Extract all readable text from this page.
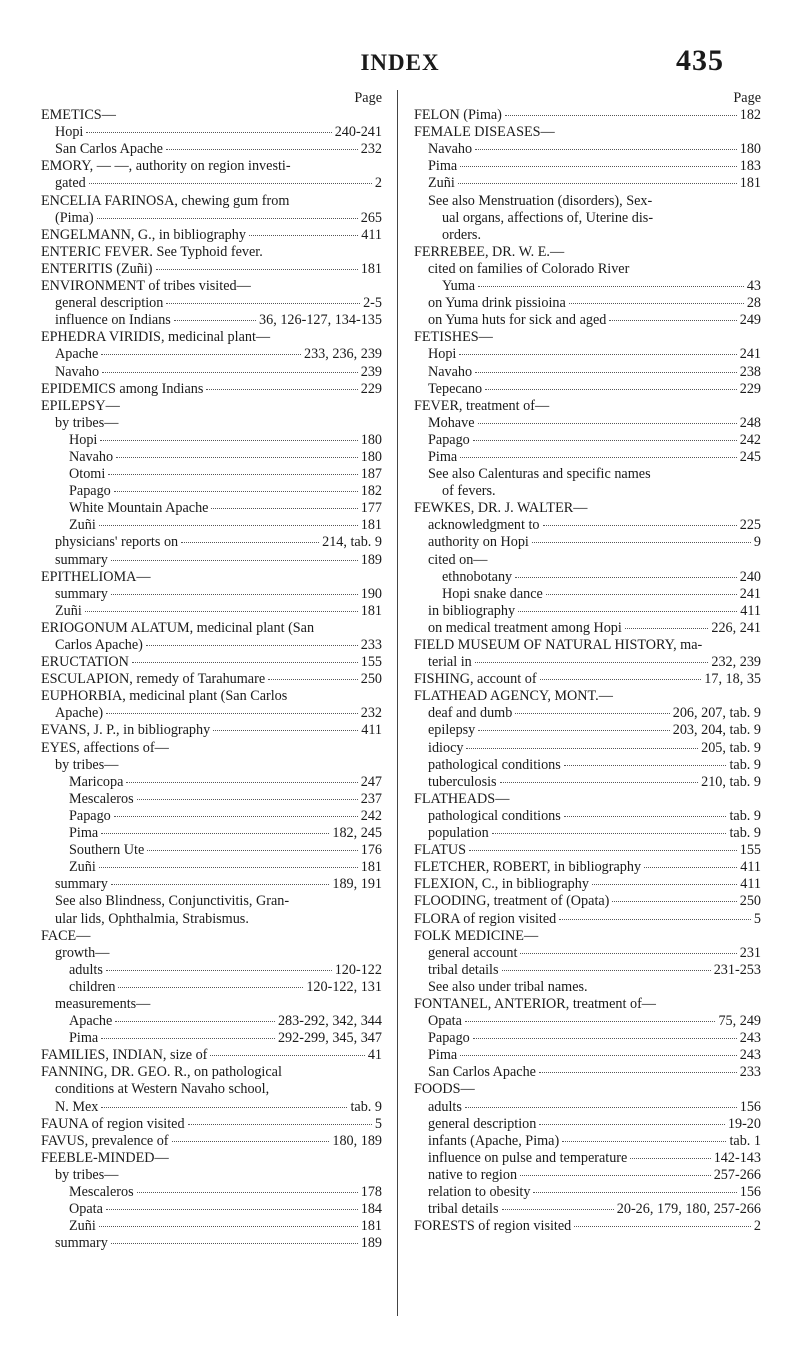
INDEX	435
Page
EMETICS—
Hopi	240-241
San Carlos Apache	232
EMORY, — —, authority on region investi-
gated	2
ENCELIA FARINOSA, chewing gum from
(Pima)	265
ENGELMANN, G., in bibliography	411
ENTERIC FEVER. See Typhoid fever.
ENTERITIS (Zuñi)	181
ENVIRONMENT of tribes visited—
general description	2-5
influence on Indians	36, 126-127, 134-135
EPHEDRA VIRIDIS, medicinal plant—
Apache	233, 236, 239
Navaho	239
EPIDEMICS among Indians	229
EPILEPSY—
by tribes—
Hopi	180
Navaho	180
Otomi	187
Papago	182
White Mountain Apache	177
Zuñi	181
physicians' reports on	214, tab. 9
summary	189
EPITHELIOMA—
summary	190
Zuñi	181
ERIOGONUM ALATUM, medicinal plant (San
Carlos Apache)	233
ERUCTATION	155
ESCULAPION, remedy of Tarahumare	250
EUPHORBIA, medicinal plant (San Carlos
Apache)	232
EVANS, J. P., in bibliography	411
EYES, affections of—
by tribes—
Maricopa	247
Mescaleros	237
Papago	242
Pima	182, 245
Southern Ute	176
Zuñi	181
summary	189, 191
See also Blindness, Conjunctivitis, Gran-
ular lids, Ophthalmia, Strabismus.
FACE—
growth—
adults	120-122
children	120-122, 131
measurements—
Apache	283-292, 342, 344
Pima	292-299, 345, 347
FAMILIES, INDIAN, size of	41
FANNING, DR. GEO. R., on pathological
conditions at Western Navaho school,
N. Mex	tab. 9
FAUNA of region visited	5
FAVUS, prevalence of	180, 189
FEEBLE-MINDED—
by tribes—
Mescaleros	178
Opata	184
Zuñi	181
summary	189
Page
FELON (Pima)	182
FEMALE DISEASES—
Navaho	180
Pima	183
Zuñi	181
See also Menstruation (disorders), Sex-
ual organs, affections of, Uterine dis-
orders.
FERREBEE, DR. W. E.—
cited on families of Colorado River
Yuma	43
on Yuma drink pissioina	28
on Yuma huts for sick and aged	249
FETISHES—
Hopi	241
Navaho	238
Tepecano	229
FEVER, treatment of—
Mohave	248
Papago	242
Pima	245
See also Calenturas and specific names
of fevers.
FEWKES, DR. J. WALTER—
acknowledgment to	225
authority on Hopi	9
cited on—
ethnobotany	240
Hopi snake dance	241
in bibliography	411
on medical treatment among Hopi	226, 241
FIELD MUSEUM OF NATURAL HISTORY, ma-
terial in	232, 239
FISHING, account of	17, 18, 35
FLATHEAD AGENCY, MONT.—
deaf and dumb	206, 207, tab. 9
epilepsy	203, 204, tab. 9
idiocy	205, tab. 9
pathological conditions	tab. 9
tuberculosis	210, tab. 9
FLATHEADS—
pathological conditions	tab. 9
population	tab. 9
FLATUS	155
FLETCHER, ROBERT, in bibliography	411
FLEXION, C., in bibliography	411
FLOODING, treatment of (Opata)	250
FLORA of region visited	5
FOLK MEDICINE—
general account	231
tribal details	231-253
See also under tribal names.
FONTANEL, ANTERIOR, treatment of—
Opata	75, 249
Papago	243
Pima	243
San Carlos Apache	233
FOODS—
adults	156
general description	19-20
infants (Apache, Pima)	tab. 1
influence on pulse and temperature	142-143
native to region	257-266
relation to obesity	156
tribal details	20-26, 179, 180, 257-266
FORESTS of region visited	2
